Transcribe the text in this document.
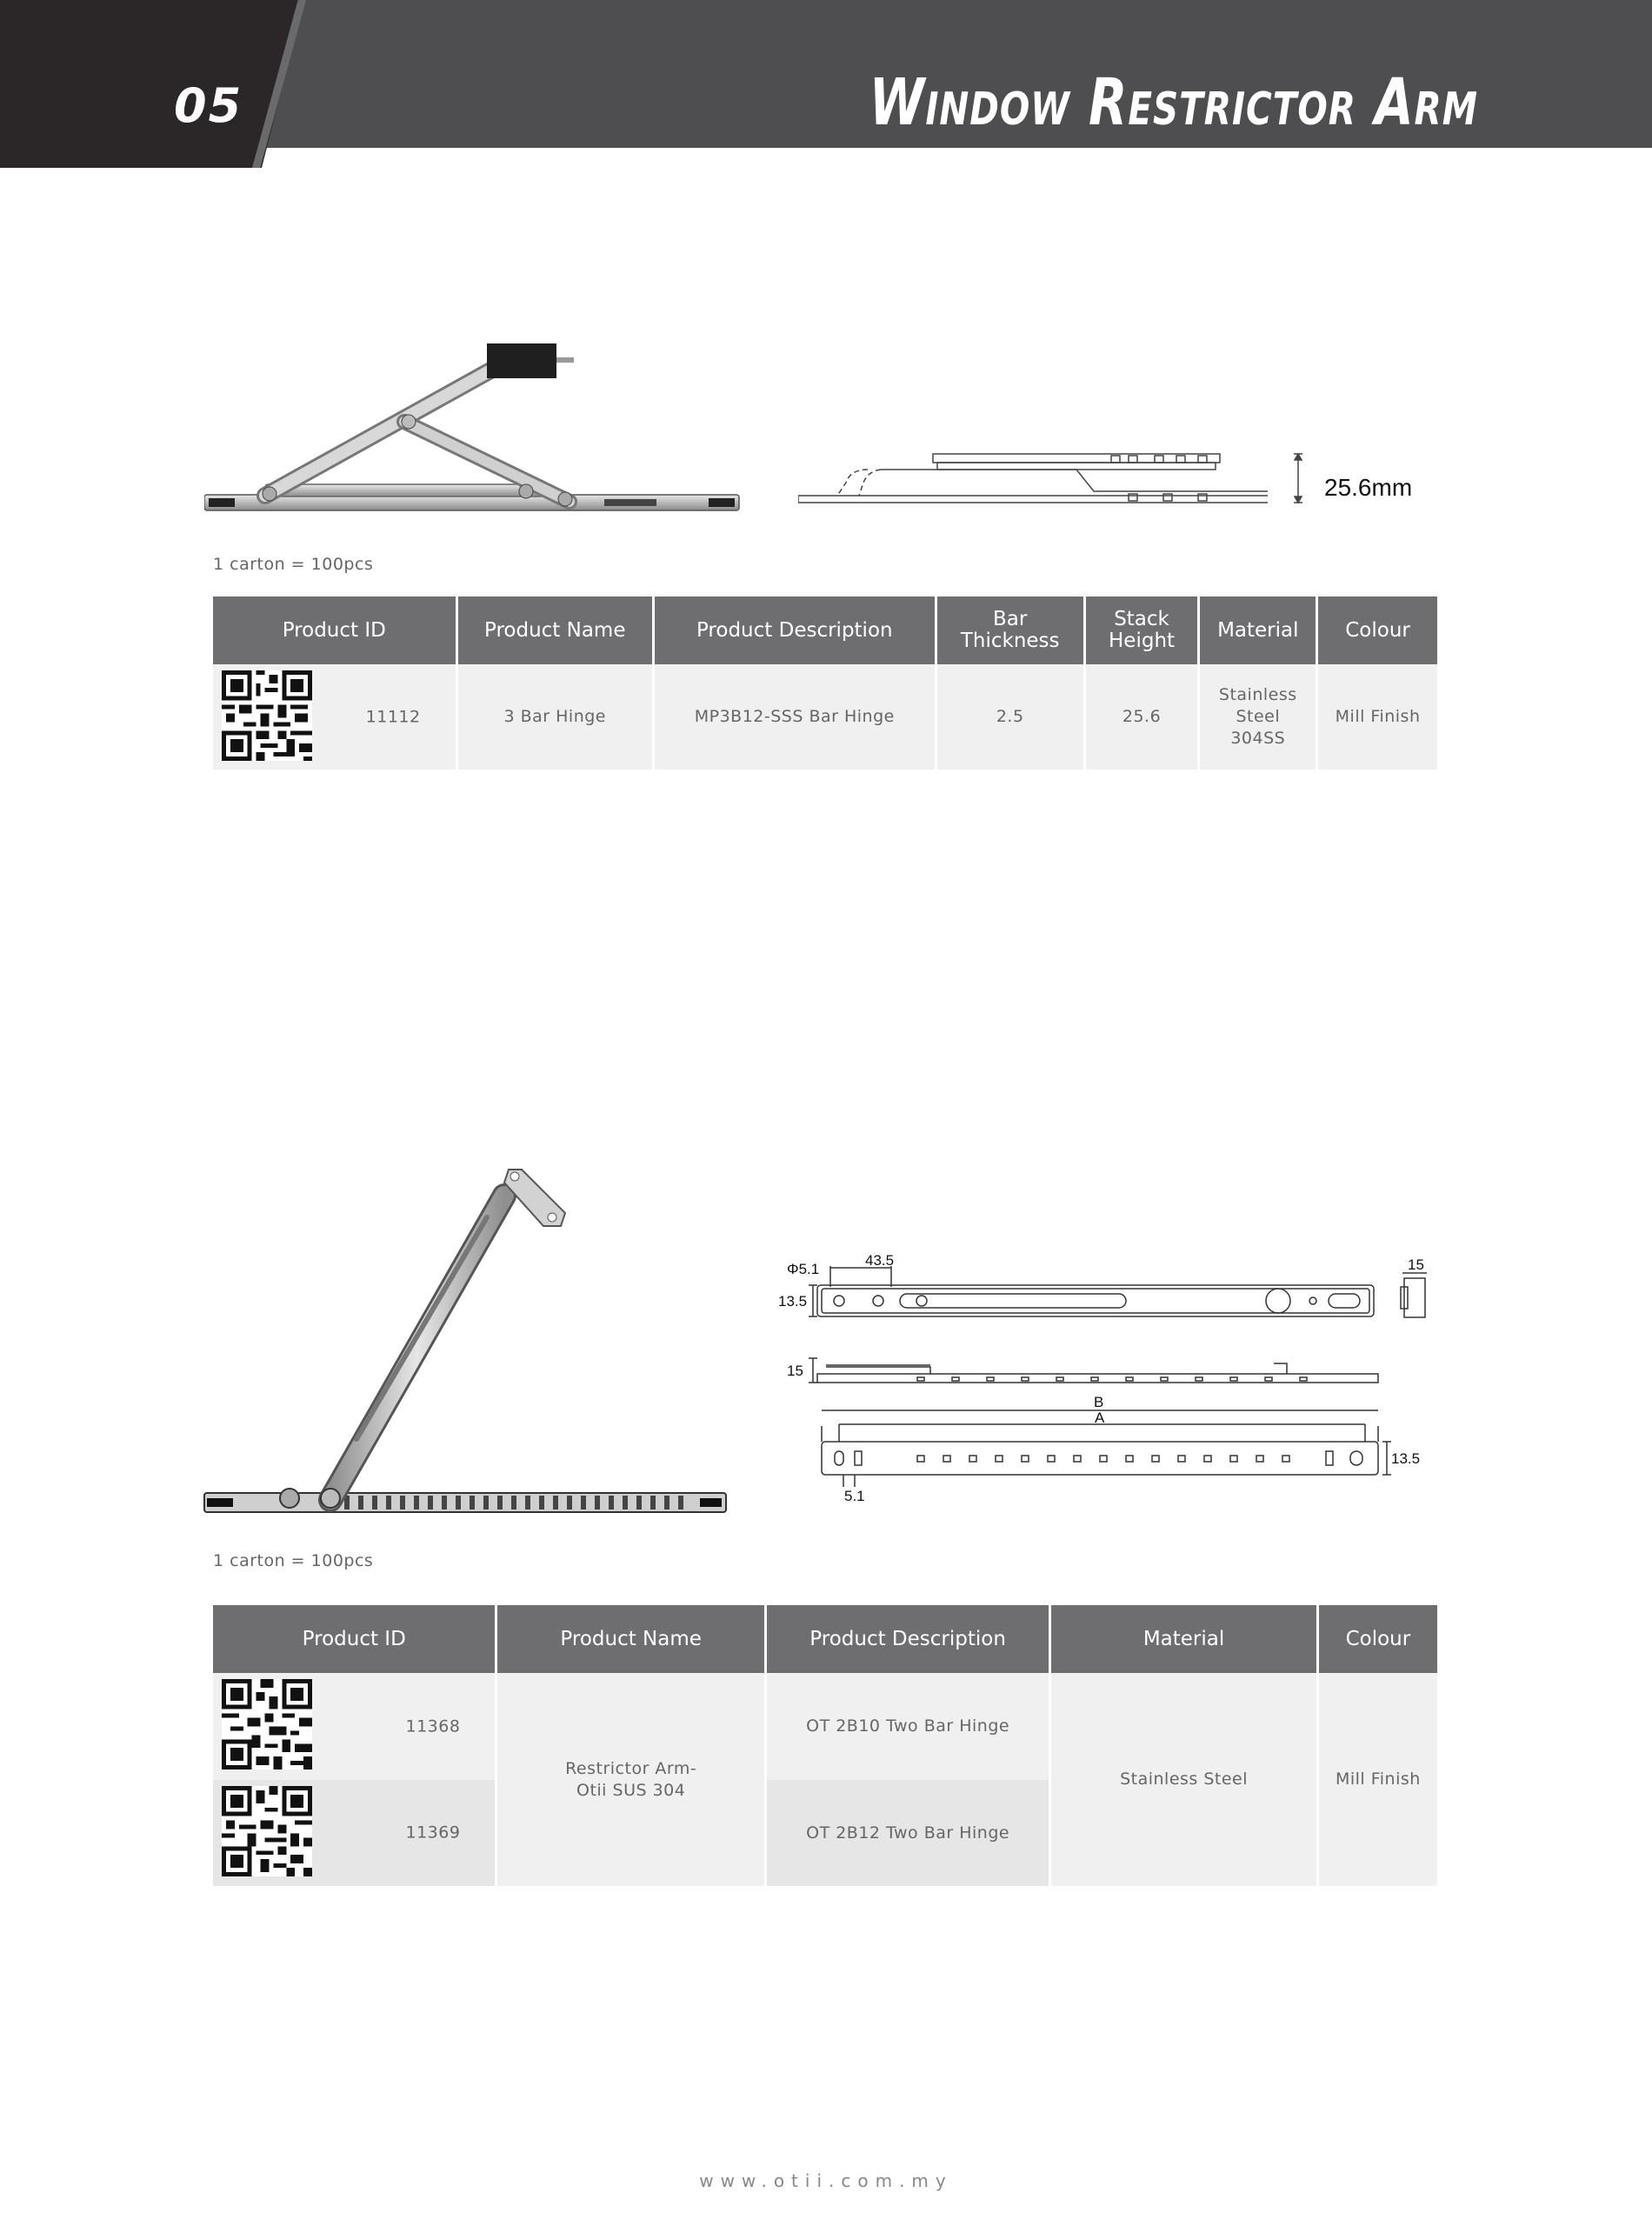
05	Window Restrictor Arm
25.6mm
1 carton = 100pcs
Product ID	Product Name	Product Description	Bar Thickness	Stack Height	Material	Colour

11112	3 Bar Hinge	MP3B12-SSS Bar Hinge	2.5	25.6	Stainless Steel 304SS	Mill Finish
Φ5.1
43.5
13.5
15
15
B
A
13.5
5.1
1 carton = 100pcs
Product ID	Product Name	Product Description	Material	Colour

11368	Restrictor Arm-Otii SUS 304	OT 2B10 Two Bar Hinge	Stainless Steel	Mill Finish

11369		OT 2B12 Two Bar Hinge		
www.otii.com.my
